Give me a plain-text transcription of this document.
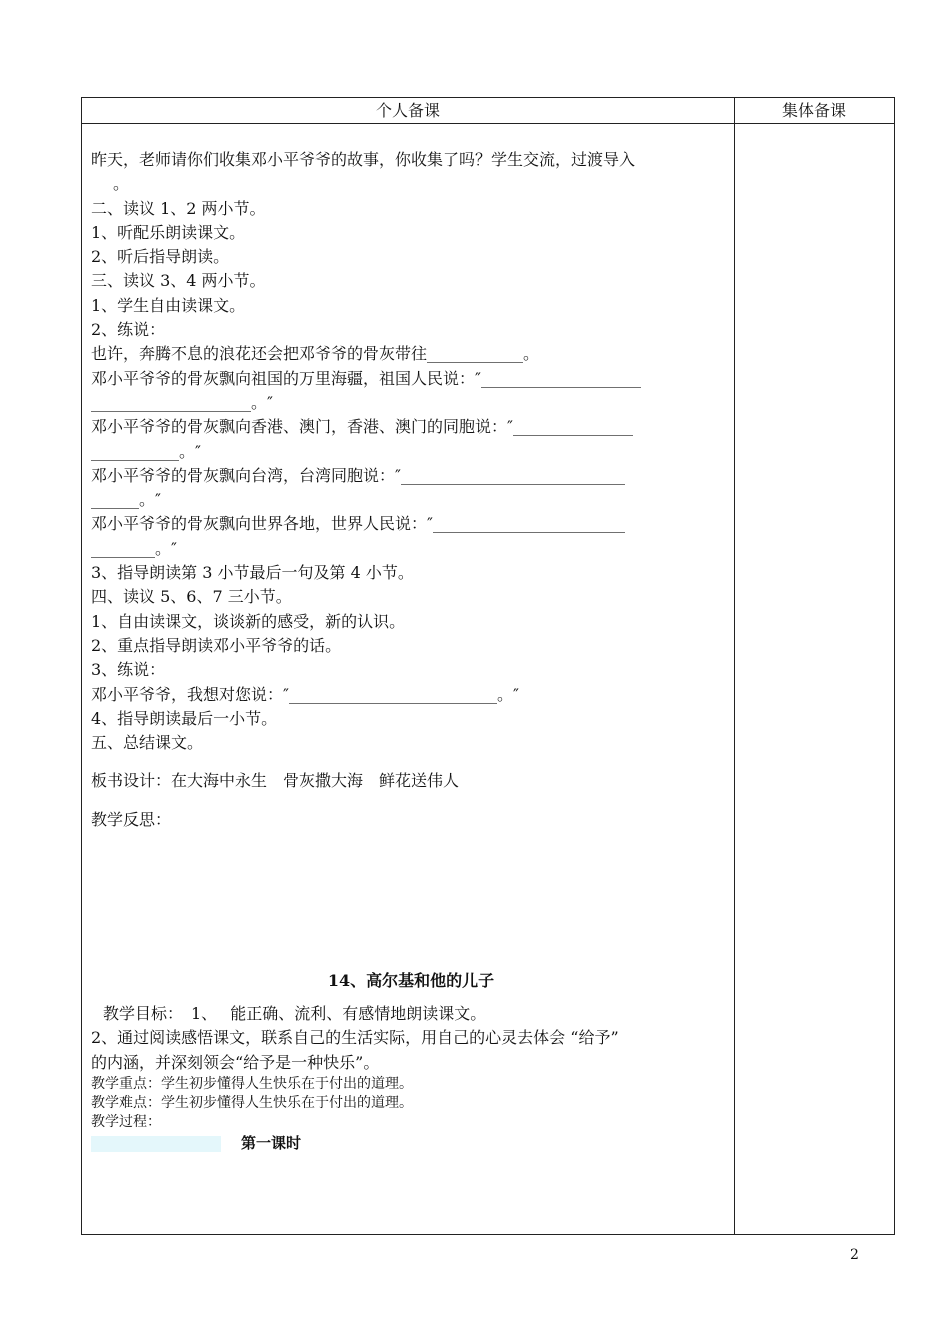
个人备课	集体备课
昨天，老师请你们收集邓小平爷爷的故事，你收集了吗？学生交流，过渡导入
。
二、读议 1、2 两小节。
1、听配乐朗读课文。
2、听后指导朗读。
三、读议 3、4 两小节。
1、学生自由读课文。
2、练说：
也许，奔腾不息的浪花还会把邓爷爷的骨灰带往____________。
邓小平爷爷的骨灰飘向祖国的万里海疆，祖国人民说：″____________________
____________________。″
邓小平爷爷的骨灰飘向香港、澳门，香港、澳门的同胞说：″_______________
___________。″
邓小平爷爷的骨灰飘向台湾，台湾同胞说：″____________________________
______。″
邓小平爷爷的骨灰飘向世界各地，世界人民说：″________________________
________。″
3、指导朗读第 3 小节最后一句及第 4 小节。
四、读议 5、6、7 三小节。
1、自由读课文，谈谈新的感受，新的认识。
2、重点指导朗读邓小平爷爷的话。
3、练说：
邓小平爷爷，我想对您说：″__________________________。″
4、指导朗读最后一小节。
五、总结课文。
板书设计：在大海中永生　骨灰撒大海　鲜花送伟人
教学反思：
14、高尔基和他的儿子
教学目标：　1、　 能正确、流利、有感情地朗读课文。
2、通过阅读感悟课文，联系自己的生活实际，用自己的心灵去体会 “给予”
的内涵，并深刻领会“给予是一种快乐”。
教学重点：学生初步懂得人生快乐在于付出的道理。
教学难点：学生初步懂得人生快乐在于付出的道理。
教学过程：
第一课时
2
